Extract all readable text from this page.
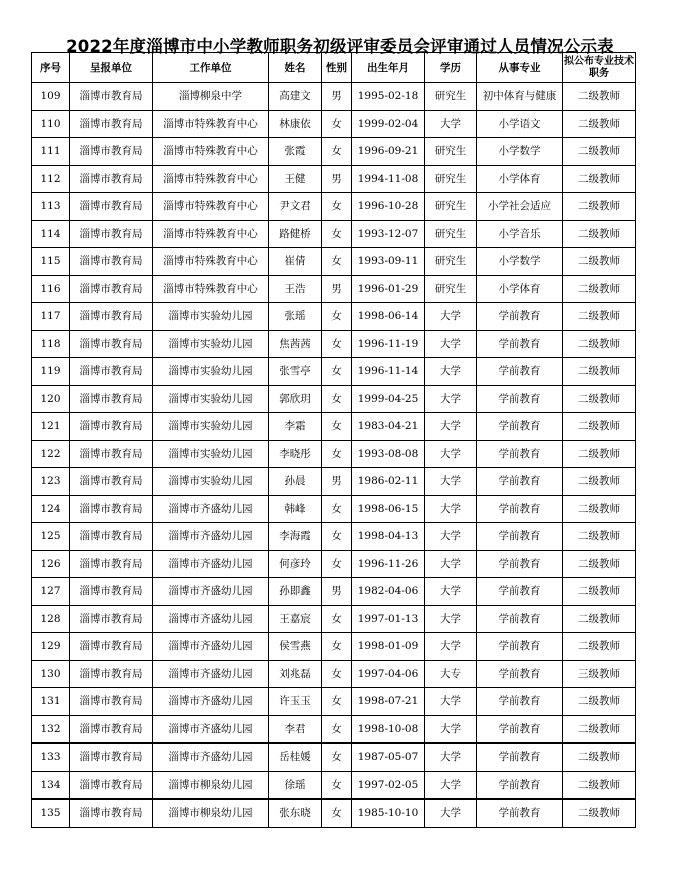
2022年度淄博市中小学教师职务初级评审委员会评审通过人员情况公示表
序号	呈报单位	工作单位	姓名	性别	出生年月	学历	从事专业	拟公布专业技术职务
109	淄博市教育局	淄博柳泉中学	高建文	男	1995-02-18	研究生	初中体育与健康	二级教师
110	淄博市教育局	淄博市特殊教育中心	林康依	女	1999-02-04	大学	小学语文	二级教师
111	淄博市教育局	淄博市特殊教育中心	张霞	女	1996-09-21	研究生	小学数学	二级教师
112	淄博市教育局	淄博市特殊教育中心	王健	男	1994-11-08	研究生	小学体育	二级教师
113	淄博市教育局	淄博市特殊教育中心	尹文君	女	1996-10-28	研究生	小学社会适应	二级教师
114	淄博市教育局	淄博市特殊教育中心	路健桥	女	1993-12-07	研究生	小学音乐	二级教师
115	淄博市教育局	淄博市特殊教育中心	崔倩	女	1993-09-11	研究生	小学数学	二级教师
116	淄博市教育局	淄博市特殊教育中心	王浩	男	1996-01-29	研究生	小学体育	二级教师
117	淄博市教育局	淄博市实验幼儿园	张瑶	女	1998-06-14	大学	学前教育	二级教师
118	淄博市教育局	淄博市实验幼儿园	焦茜茜	女	1996-11-19	大学	学前教育	二级教师
119	淄博市教育局	淄博市实验幼儿园	张雪亭	女	1996-11-14	大学	学前教育	二级教师
120	淄博市教育局	淄博市实验幼儿园	郭欣玥	女	1999-04-25	大学	学前教育	二级教师
121	淄博市教育局	淄博市实验幼儿园	李霜	女	1983-04-21	大学	学前教育	二级教师
122	淄博市教育局	淄博市实验幼儿园	李晓彤	女	1993-08-08	大学	学前教育	二级教师
123	淄博市教育局	淄博市实验幼儿园	孙晨	男	1986-02-11	大学	学前教育	二级教师
124	淄博市教育局	淄博市齐盛幼儿园	韩峰	女	1998-06-15	大学	学前教育	二级教师
125	淄博市教育局	淄博市齐盛幼儿园	李海霞	女	1998-04-13	大学	学前教育	二级教师
126	淄博市教育局	淄博市齐盛幼儿园	何彦玲	女	1996-11-26	大学	学前教育	二级教师
127	淄博市教育局	淄博市齐盛幼儿园	孙即鑫	男	1982-04-06	大学	学前教育	二级教师
128	淄博市教育局	淄博市齐盛幼儿园	王嘉宸	女	1997-01-13	大学	学前教育	二级教师
129	淄博市教育局	淄博市齐盛幼儿园	侯雪燕	女	1998-01-09	大学	学前教育	二级教师
130	淄博市教育局	淄博市齐盛幼儿园	刘兆磊	女	1997-04-06	大专	学前教育	三级教师
131	淄博市教育局	淄博市齐盛幼儿园	许玉玉	女	1998-07-21	大学	学前教育	二级教师
132	淄博市教育局	淄博市齐盛幼儿园	李君	女	1998-10-08	大学	学前教育	二级教师
133	淄博市教育局	淄博市齐盛幼儿园	岳桂媛	女	1987-05-07	大学	学前教育	二级教师
134	淄博市教育局	淄博市柳泉幼儿园	徐瑶	女	1997-02-05	大学	学前教育	二级教师
135	淄博市教育局	淄博市柳泉幼儿园	张东晓	女	1985-10-10	大学	学前教育	二级教师
